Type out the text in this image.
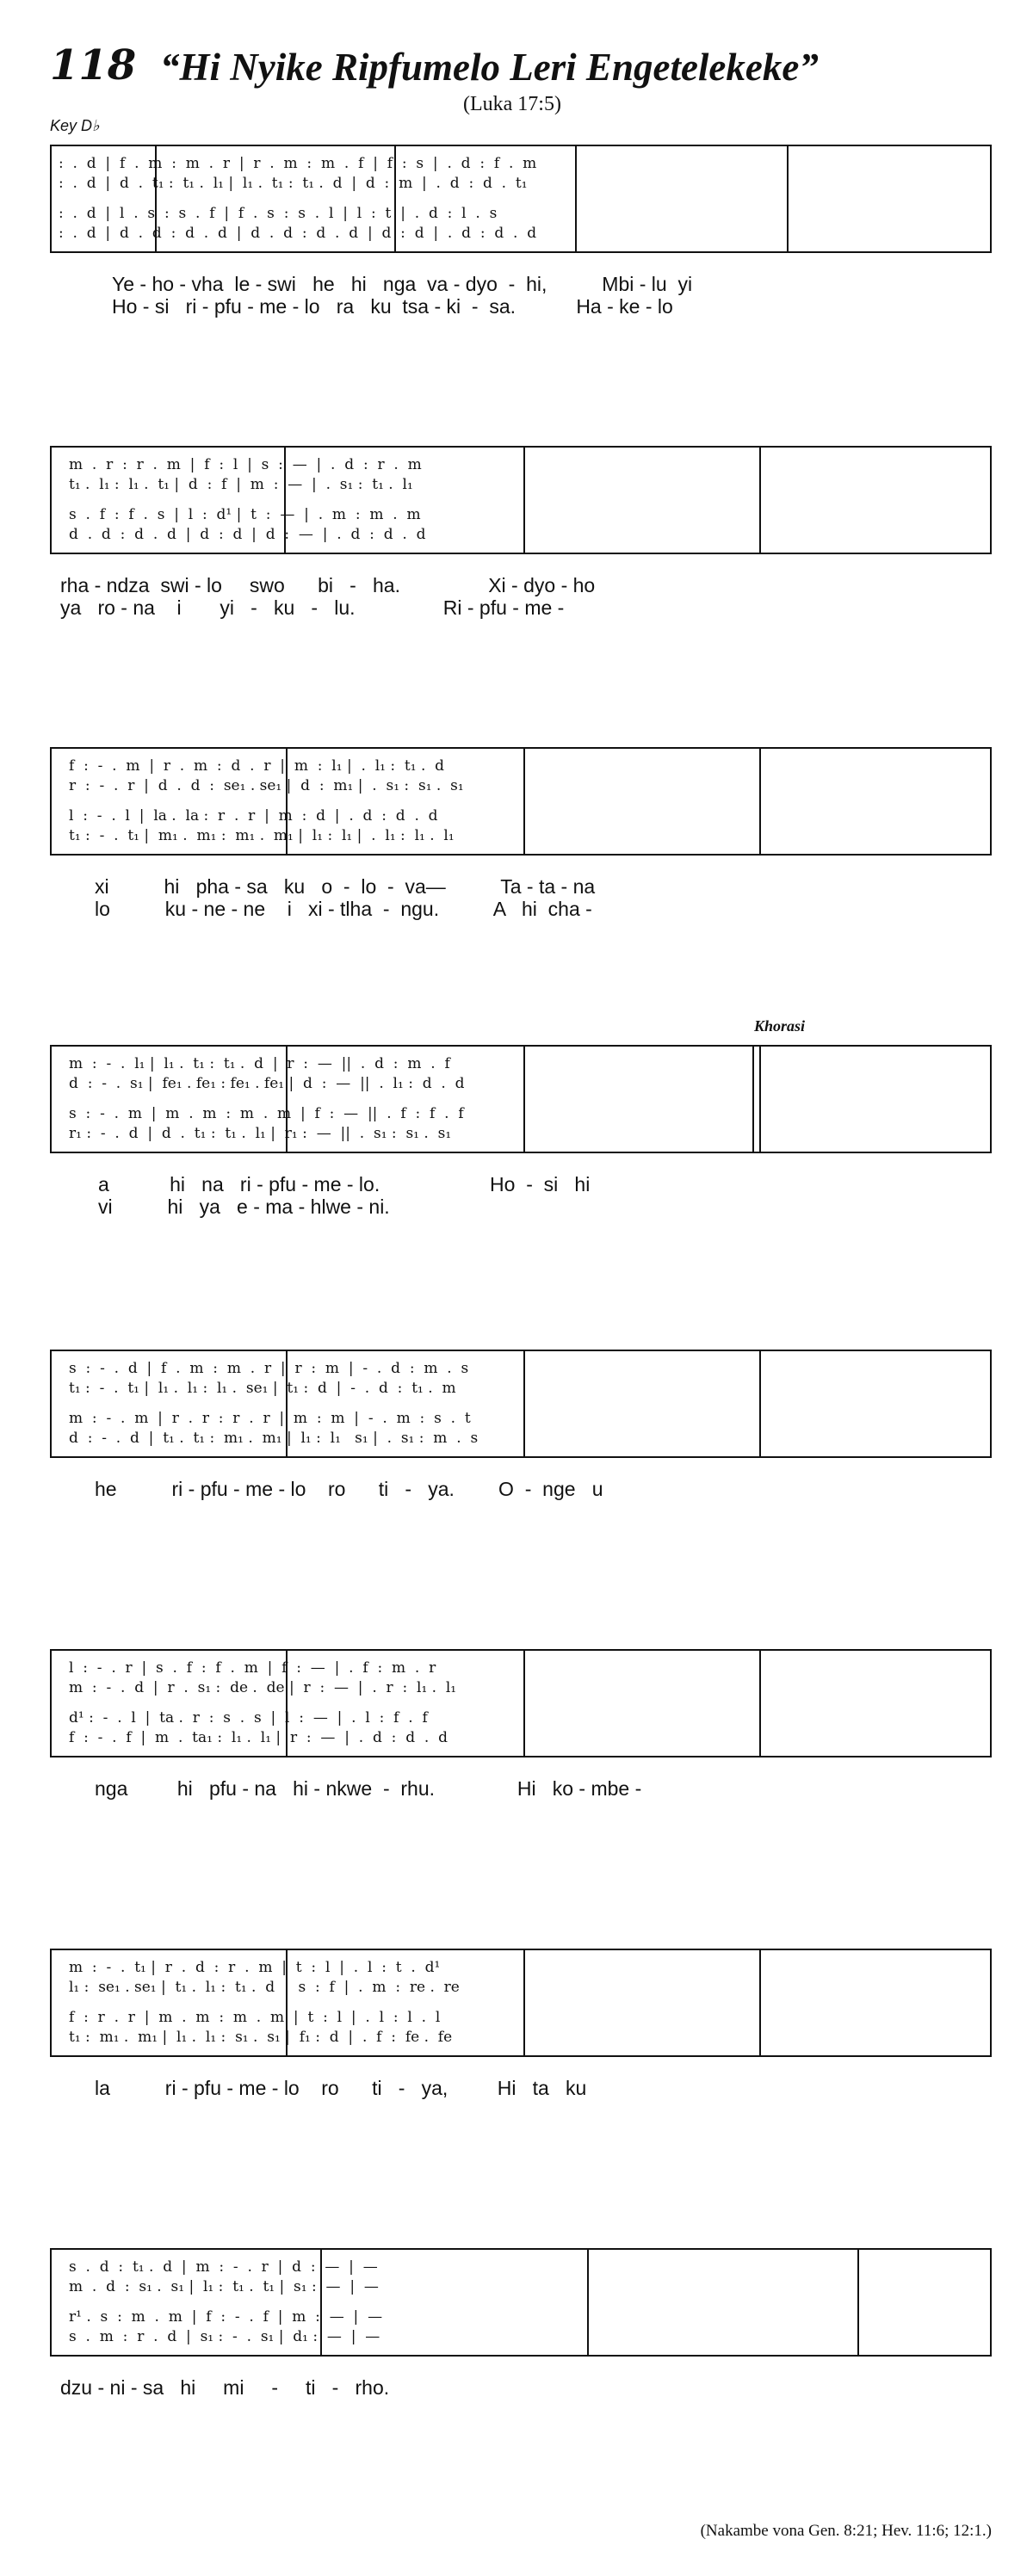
118 “Hi Nyike Ripfumelo Leri Engetelekeke”
(Luka 17:5)
Key D♭
:  .  d  |  f  .  m  :  m  .  r  |  r  .  m  :  m  .  f  |  f  :  s  |  .  d  :  f  .  m
:  .  d  |  d  .  t₁ :  t₁ .  l₁ |  l₁ .  t₁ :  t₁ .  d  |  d  :  m  |  .  d  :  d  .  t₁
:  .  d  |  l  .  s  :  s  .  f  |  f  .  s  :  s  .  l  |  l  :  t  |  .  d  :  l  .  s
:  .  d  |  d  .  d  :  d  .  d  |  d  .  d  :  d  .  d  |  d  :  d  |  .  d  :  d  .  d
Ye - ho - vha  le - swi   he   hi   nga  va - dyo  -  hi,          Mbi - lu  yi
Ho - si   ri - pfu - me - lo   ra   ku  tsa - ki  -  sa.           Ha - ke - lo
m  .  r  :  r  .  m  |  f  :  l  |  s  :  —  |  .  d  :  r  .  m
t₁ .  l₁ :  l₁ .  t₁ |  d  :  f  |  m  :  —  |  .  s₁ :  t₁ .  l₁
s  .  f  :  f  .  s  |  l  :  d¹ |  t  :  —  |  .  m  :  m  .  m
d  .  d  :  d  .  d  |  d  :  d  |  d  :  —  |  .  d  :  d  .  d
rha - ndza  swi - lo     swo      bi   -   ha.                Xi - dyo - ho
ya   ro - na    i       yi   -   ku   -   lu.                Ri - pfu - me -
f  :  -  .  m  |  r  .  m  :  d  .  r  |  m  :  l₁ |  .  l₁ :  t₁ .  d
r  :  -  .  r  |  d  .  d  :  se₁ . se₁ |  d  :  m₁ |  .  s₁ :  s₁ .  s₁
l  :  -  .  l  |  la .  la :  r  .  r  |  m  :  d  |  .  d  :  d  .  d
t₁ :  -  .  t₁ |  m₁ .  m₁ :  m₁ .  m₁ |  l₁ :  l₁ |  .  l₁ :  l₁ .  l₁
xi          hi   pha - sa   ku   o  -  lo  -  va—          Ta - ta - na
lo          ku - ne - ne    i   xi - tlha  -  ngu.          A   hi  cha -
Khorasi
m  :  -  .  l₁ |  l₁ .  t₁ :  t₁ .  d  |  r  :  —  ||  .  d  :  m  .  f
d  :  -  .  s₁ |  fe₁ . fe₁ : fe₁ . fe₁ |  d  :  —  ||  .  l₁ :  d  .  d
s  :  -  .  m  |  m  .  m  :  m  .  m  |  f  :  —  ||  .  f  :  f  .  f
r₁ :  -  .  d  |  d  .  t₁ :  t₁ .  l₁ |  r₁ :  —  ||  .  s₁ :  s₁ .  s₁
a           hi   na   ri - pfu - me - lo.                    Ho  -  si   hi
vi          hi   ya   e - ma - hlwe - ni.
s  :  -  .  d  |  f  .  m  :  m  .  r  |  r  :  m  |  -  .  d  :  m  .  s
t₁ :  -  .  t₁ |  l₁ .  l₁ :  l₁ .  se₁ |  t₁ :  d  |  -  .  d  :  t₁ .  m
m  :  -  .  m  |  r  .  r  :  r  .  r  |  m  :  m  |  -  .  m  :  s  .  t
d  :  -  .  d  |  t₁ .  t₁ :  m₁ .  m₁ |  l₁ :  l₁   s₁ |  .  s₁ :  m  .  s
he          ri - pfu - me - lo    ro      ti   -   ya.        O  -  nge   u
l  :  -  .  r  |  s  .  f  :  f  .  m  |  f  :  —  |  .  f  :  m  .  r
m  :  -  .  d  |  r  .  s₁ :  de .  de |  r  :  —  |  .  r  :  l₁ .  l₁
d¹ :  -  .  l  |  ta .  r  :  s  .  s  |  l  :  —  |  .  l  :  f  .  f
f  :  -  .  f  |  m  .  ta₁ :  l₁ .  l₁ |  r  :  —  |  .  d  :  d  .  d
nga         hi   pfu - na   hi - nkwe  -  rhu.               Hi   ko - mbe -
m  :  -  .  t₁ |  r  .  d  :  r  .  m  |  t  :  l  |  .  l  :  t  .  d¹
l₁ :  se₁ . se₁ |  t₁ .  l₁ :  t₁ .  d  |  s  :  f  |  .  m  :  re .  re
f  :  r  .  r  |  m  .  m  :  m  .  m  |  t  :  l  |  .  l  :  l  .  l
t₁ :  m₁ .  m₁ |  l₁ .  l₁ :  s₁ .  s₁ |  f₁ :  d  |  .  f  :  fe .  fe
la          ri - pfu - me - lo    ro      ti   -   ya,         Hi   ta   ku
s  .  d  :  t₁ .  d  |  m  :  -  .  r  |  d  :  —  |  —
m  .  d  :  s₁ .  s₁ |  l₁ :  t₁ .  t₁ |  s₁ :  —  |  —
r¹ .  s  :  m  .  m  |  f  :  -  .  f  |  m  :  —  |  —
s  .  m  :  r  .  d  |  s₁ :  -  .  s₁ |  d₁ :  —  |  —
dzu - ni - sa   hi     mi     -     ti   -   rho.
(Nakambe vona Gen. 8:21; Hev. 11:6; 12:1.)
